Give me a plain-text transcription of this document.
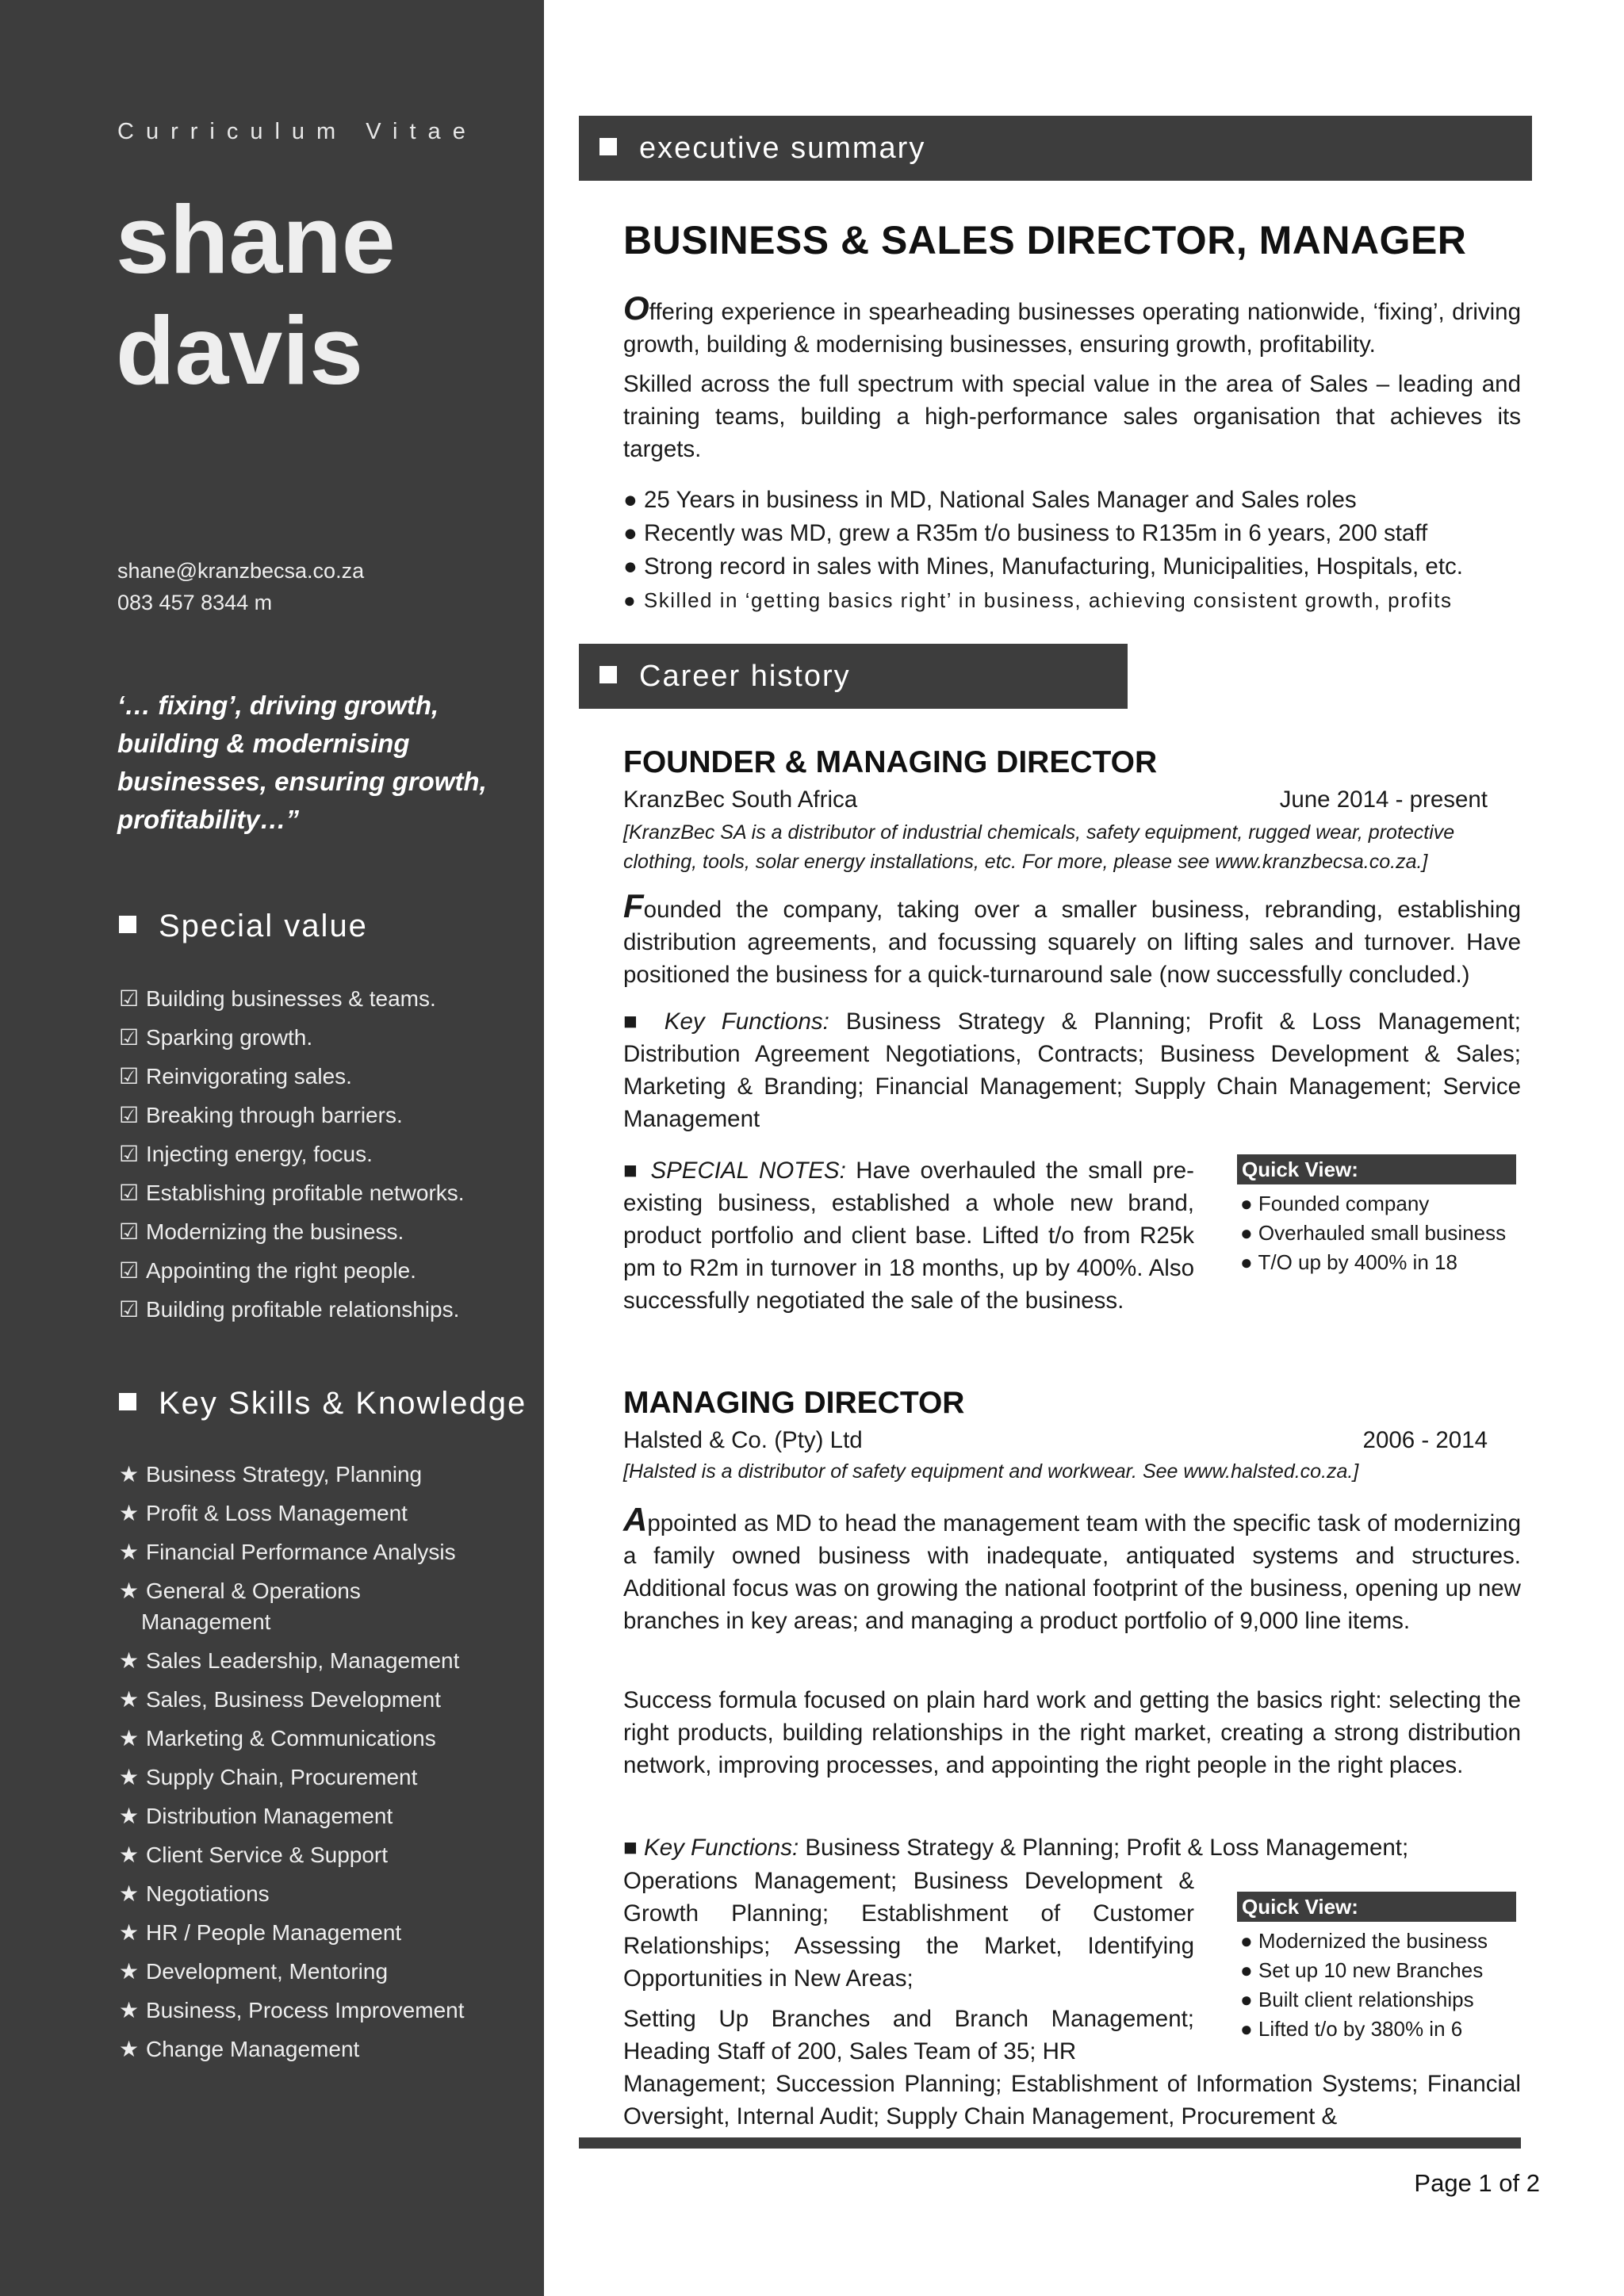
Curriculum Vitae
shane
davis
shane@kranzbecsa.co.za
083 457 8344 m
‘… fixing’, driving growth, building & modernising businesses, ensuring growth, profitability…”
Special value
☑ Building businesses & teams.
☑ Sparking growth.
☑ Reinvigorating sales.
☑ Breaking through barriers.
☑ Injecting energy, focus.
☑ Establishing profitable networks.
☑ Modernizing the business.
☑ Appointing the right people.
☑ Building profitable relationships.
Key Skills & Knowledge
★ Business Strategy, Planning
★ Profit & Loss Management
★ Financial Performance Analysis
★ General & Operations
Management
★ Sales Leadership, Management
★ Sales, Business Development
★ Marketing & Communications
★ Supply Chain, Procurement
★ Distribution Management
★ Client Service & Support
★ Negotiations
★ HR / People Management
★ Development, Mentoring
★ Business, Process Improvement
★ Change Management
executive summary
BUSINESS & SALES DIRECTOR, MANAGER
Offering experience in spearheading businesses operating nationwide, ‘fixing’, driving growth, building & modernising businesses, ensuring growth, profitability.
Skilled across the full spectrum with special value in the area of Sales – leading and training teams, building a high-performance sales organisation that achieves its targets.
● 25 Years in business in MD, National Sales Manager and Sales roles
● Recently was MD, grew a R35m t/o business to R135m in 6 years, 200 staff
● Strong record in sales with Mines, Manufacturing, Municipalities, Hospitals, etc.
● Skilled in ‘getting basics right’ in business, achieving consistent growth, profits
Career history
FOUNDER & MANAGING DIRECTOR
KranzBec South Africa	June 2014 - present
[KranzBec SA is a distributor of industrial chemicals, safety equipment, rugged wear, protective clothing, tools, solar energy installations, etc. For more, please see www.kranzbecsa.co.za.]
Founded the company, taking over a smaller business, rebranding, establishing distribution agreements, and focussing squarely on lifting sales and turnover. Have positioned the business for a quick-turnaround sale (now successfully concluded.)
■ Key Functions: Business Strategy & Planning; Profit & Loss Management; Distribution Agreement Negotiations, Contracts; Business Development & Sales; Marketing & Branding; Financial Management; Supply Chain Management; Service Management
■ SPECIAL NOTES: Have overhauled the small pre-existing business, established a whole new brand, product portfolio and client base. Lifted t/o from R25k pm to R2m in turnover in 18 months, up by 400%. Also successfully negotiated the sale of the business.
Quick View:
● Founded company
● Overhauled small business
● T/O up by 400% in 18
MANAGING DIRECTOR
Halsted & Co. (Pty) Ltd	2006 - 2014
[Halsted is a distributor of safety equipment and workwear. See www.halsted.co.za.]
Appointed as MD to head the management team with the specific task of modernizing a family owned business with inadequate, antiquated systems and structures. Additional focus was on growing the national footprint of the business, opening up new branches in key areas; and managing a product portfolio of 9,000 line items.
Success formula focused on plain hard work and getting the basics right: selecting the right products, building relationships in the right market, creating a strong distribution network, improving processes, and appointing the right people in the right places.
■ Key Functions: Business Strategy & Planning; Profit & Loss Management;
Operations Management; Business Development & Growth Planning; Establishment of Customer Relationships; Assessing the Market, Identifying Opportunities in New Areas;
Setting Up Branches and Branch Management; Heading Staff of 200, Sales Team of 35; HR
Management; Succession Planning; Establishment of Information Systems; Financial Oversight, Internal Audit; Supply Chain Management, Procurement &
Quick View:
● Modernized the business
● Set up 10 new Branches
● Built client relationships
● Lifted t/o by 380% in 6
Page 1 of 2
